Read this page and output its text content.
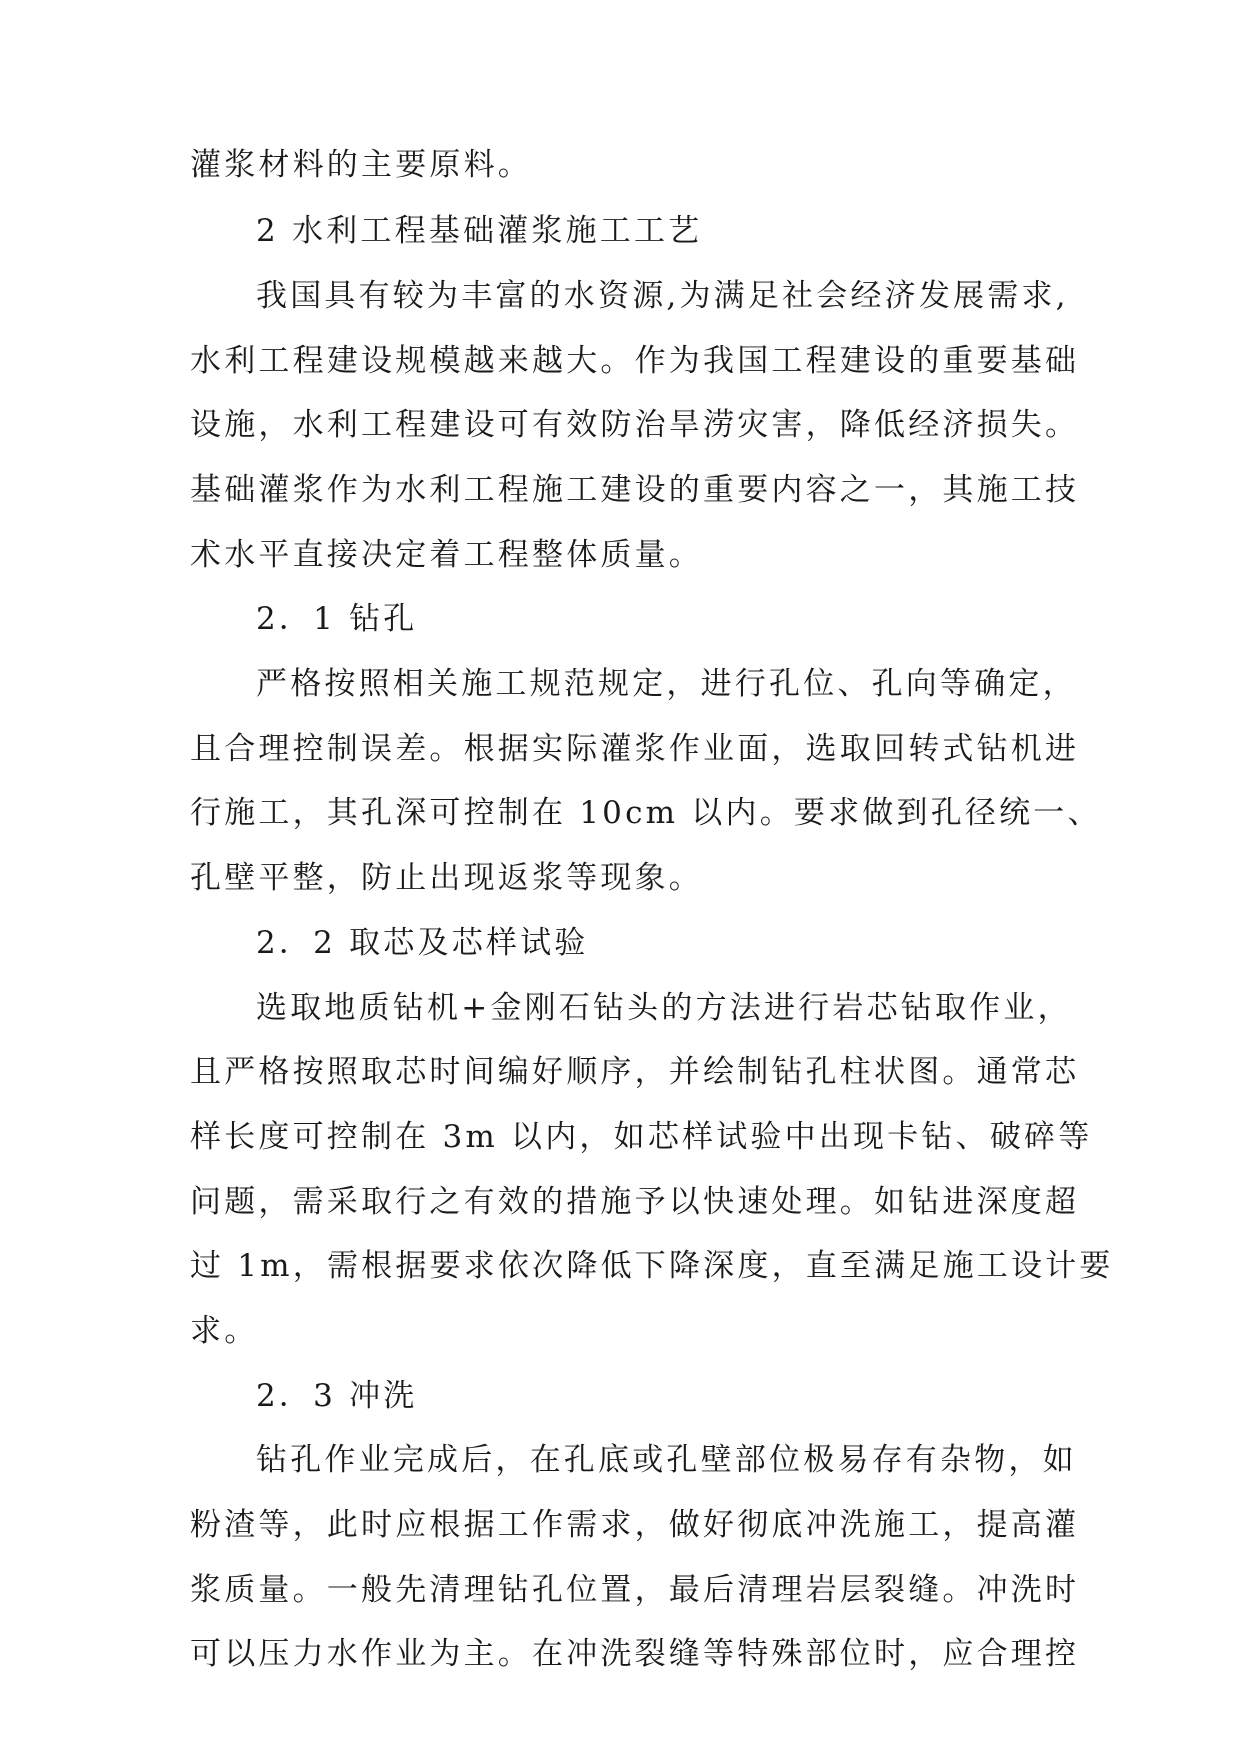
灌浆材料的主要原料。
2 水利工程基础灌浆施工工艺
我国具有较为丰富的水资源,为满足社会经济发展需求,
水利工程建设规模越来越大。作为我国工程建设的重要基础
设施，水利工程建设可有效防治旱涝灾害，降低经济损失。
基础灌浆作为水利工程施工建设的重要内容之一，其施工技
术水平直接决定着工程整体质量。
2．1 钻孔
严格按照相关施工规范规定，进行孔位、孔向等确定，
且合理控制误差。根据实际灌浆作业面，选取回转式钻机进
行施工，其孔深可控制在 10cm 以内。要求做到孔径统一、
孔壁平整，防止出现返浆等现象。
2．2 取芯及芯样试验
选取地质钻机+金刚石钻头的方法进行岩芯钻取作业，
且严格按照取芯时间编好顺序，并绘制钻孔柱状图。通常芯
样长度可控制在 3m 以内，如芯样试验中出现卡钻、破碎等
问题，需采取行之有效的措施予以快速处理。如钻进深度超
过 1m，需根据要求依次降低下降深度，直至满足施工设计要
求。
2．3 冲洗
钻孔作业完成后，在孔底或孔壁部位极易存有杂物，如
粉渣等，此时应根据工作需求，做好彻底冲洗施工，提高灌
浆质量。一般先清理钻孔位置，最后清理岩层裂缝。冲洗时
可以压力水作业为主。在冲洗裂缝等特殊部位时，应合理控
